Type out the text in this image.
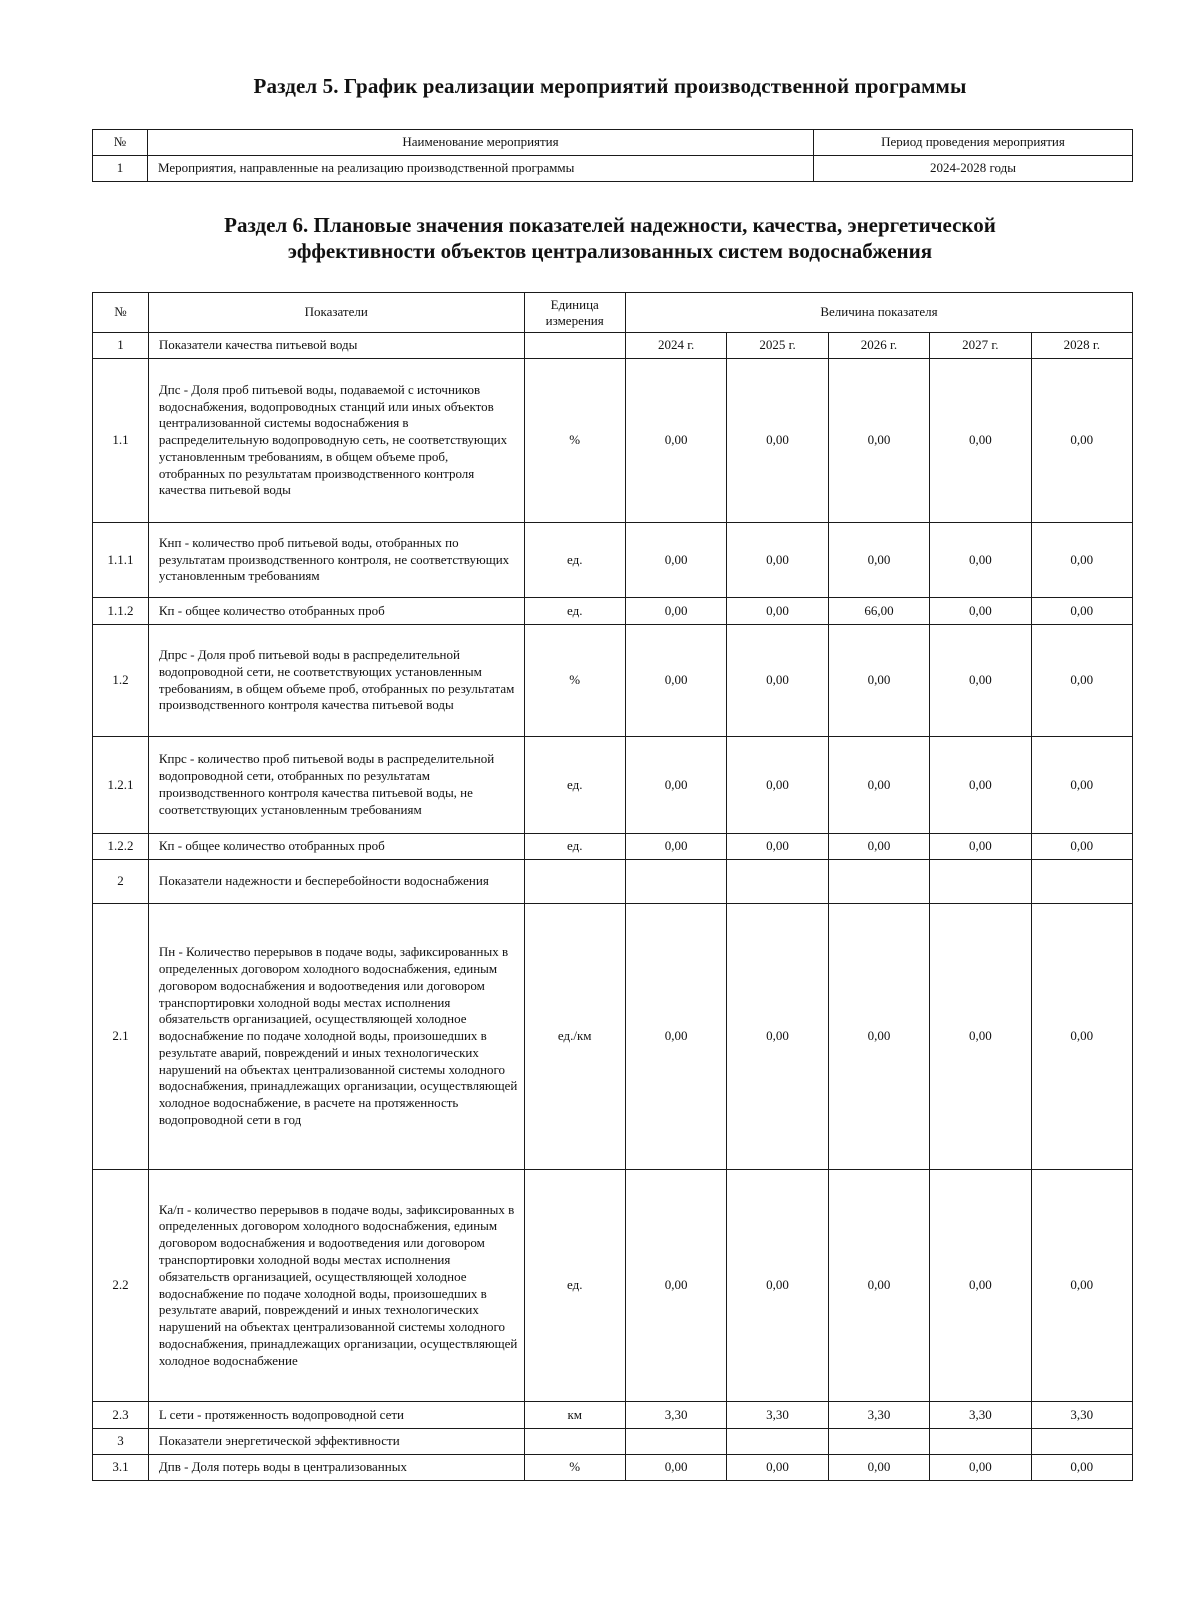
Раздел 5. График реализации мероприятий производственной программы
№	Наименование мероприятия	Период проведения мероприятия
1	Мероприятия, направленные на реализацию производственной программы	2024-2028 годы
Раздел 6. Плановые значения показателей надежности, качества, энергетической
эффективности объектов централизованных систем водоснабжения
№	Показатели	Единица измерения	Величина показателя				
1	Показатели качества питьевой воды		2024 г.	2025 г.	2026 г.	2027 г.	2028 г.
1.1	Дпс - Доля проб питьевой воды, подаваемой с источников водоснабжения, водопроводных станций или иных объектов централизованной системы водоснабжения в распределительную водопроводную сеть, не соответствующих установленным требованиям, в общем объеме проб, отобранных по результатам производственного контроля качества питьевой воды	%	0,00	0,00	0,00	0,00	0,00
1.1.1	Кнп - количество проб питьевой воды, отобранных по результатам производственного контроля, не соответствующих установленным требованиям	ед.	0,00	0,00	0,00	0,00	0,00
1.1.2	Кп - общее количество отобранных проб	ед.	0,00	0,00	66,00	0,00	0,00
1.2	Дпрс - Доля проб питьевой воды в распределительной водопроводной сети, не соответствующих установленным требованиям, в общем объеме проб, отобранных по результатам производственного контроля качества питьевой воды	%	0,00	0,00	0,00	0,00	0,00
1.2.1	Кпрс - количество проб питьевой воды в распределительной водопроводной сети, отобранных по результатам производственного контроля качества питьевой воды, не соответствующих установленным требованиям	ед.	0,00	0,00	0,00	0,00	0,00
1.2.2	Кп - общее количество отобранных проб	ед.	0,00	0,00	0,00	0,00	0,00
2	Показатели надежности и бесперебойности водоснабжения						
2.1	Пн - Количество перерывов в подаче воды, зафиксированных в определенных договором холодного водоснабжения, единым договором водоснабжения и водоотведения или договором транспортировки холодной воды местах исполнения обязательств организацией, осуществляющей холодное водоснабжение по подаче холодной воды, произошедших в результате аварий, повреждений и иных технологических нарушений на объектах централизованной системы холодного водоснабжения, принадлежащих организации, осуществляющей холодное водоснабжение, в расчете на протяженность водопроводной сети в год	ед./км	0,00	0,00	0,00	0,00	0,00
2.2	Ка/п - количество перерывов в подаче воды, зафиксированных в определенных договором холодного водоснабжения, единым договором водоснабжения и водоотведения или договором транспортировки холодной воды местах исполнения обязательств организацией, осуществляющей холодное водоснабжение по подаче холодной воды, произошедших в результате аварий, повреждений и иных технологических нарушений на объектах централизованной системы холодного водоснабжения, принадлежащих организации, осуществляющей холодное водоснабжение	ед.	0,00	0,00	0,00	0,00	0,00
2.3	L сети - протяженность водопроводной сети	км	3,30	3,30	3,30	3,30	3,30
3	Показатели энергетической эффективности						
3.1	Дпв - Доля потерь воды в централизованных	%	0,00	0,00	0,00	0,00	0,00
